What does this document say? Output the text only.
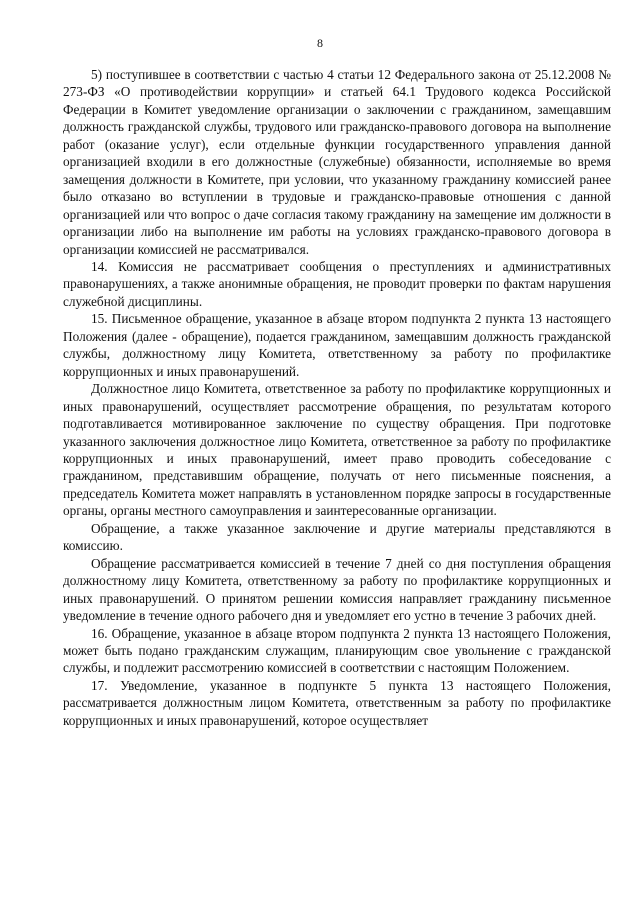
8

5) поступившее в соответствии с частью 4 статьи 12 Федерального закона от 25.12.2008 № 273-ФЗ «О противодействии коррупции» и статьей 64.1 Трудового кодекса Российской Федерации в Комитет уведомление организации о заключении с гражданином, замещавшим должность гражданской службы, трудового или гражданско-правового договора на выполнение работ (оказание услуг), если отдельные функции государственного управления данной организацией входили в его должностные (служебные) обязанности, исполняемые во время замещения должности в Комитете, при условии, что указанному гражданину комиссией ранее было отказано во вступлении в трудовые и гражданско-правовые отношения с данной организацией или что вопрос о даче согласия такому гражданину на замещение им должности в организации либо на выполнение им работы на условиях гражданско-правового договора в организации комиссией не рассматривался.

14. Комиссия не рассматривает сообщения о преступлениях и административных правонарушениях, а также анонимные обращения, не проводит проверки по фактам нарушения служебной дисциплины.

15. Письменное обращение, указанное в абзаце втором подпункта 2 пункта 13 настоящего Положения (далее - обращение), подается гражданином, замещавшим должность гражданской службы, должностному лицу Комитета, ответственному за работу по профилактике коррупционных и иных правонарушений.

Должностное лицо Комитета, ответственное за работу по профилактике коррупционных и иных правонарушений, осуществляет рассмотрение обращения, по результатам которого подготавливается мотивированное заключение по существу обращения. При подготовке указанного заключения должностное лицо Комитета, ответственное за работу по профилактике коррупционных и иных правонарушений, имеет право проводить собеседование с гражданином, представившим обращение, получать от него письменные пояснения, а председатель Комитета может направлять в установленном порядке запросы в государственные органы, органы местного самоуправления и заинтересованные организации.

Обращение, а также указанное заключение и другие материалы представляются в комиссию.

Обращение рассматривается комиссией в течение 7 дней со дня поступления обращения должностному лицу Комитета, ответственному за работу по профилактике коррупционных и иных правонарушений. О принятом решении комиссия направляет гражданину письменное уведомление в течение одного рабочего дня и уведомляет его устно в течение 3 рабочих дней.

16. Обращение, указанное в абзаце втором подпункта 2 пункта 13 настоящего Положения, может быть подано гражданским служащим, планирующим свое увольнение с гражданской службы, и подлежит рассмотрению комиссией в соответствии с настоящим Положением.

17. Уведомление, указанное в подпункте 5 пункта 13 настоящего Положения, рассматривается должностным лицом Комитета, ответственным за работу по профилактике коррупционных и иных правонарушений, которое осуществляет
